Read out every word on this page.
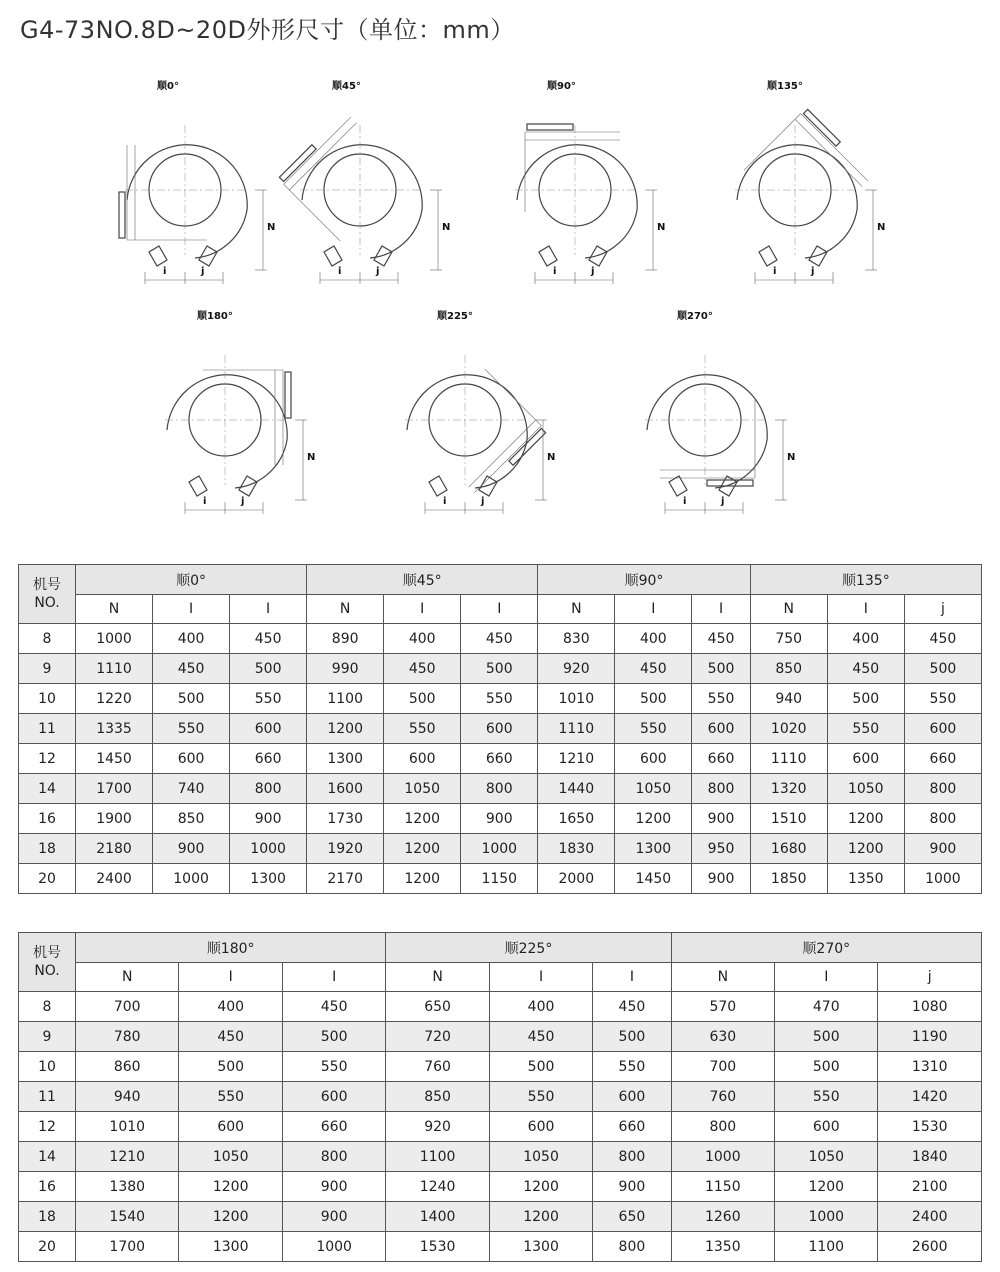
G4-73NO.8D~20D外形尺寸（单位：mm）
顺0°
N
i	j
顺45°
N
i	j
顺90°
N
i	j
顺135°
N
i	j
顺180°
N
i	j
顺225°
N
i	j
顺270°
N
i	j
机号
NO.	顺0°			顺45°			顺90°			顺135°		
	N	I	I	N	I	I	N	I	I	N	I	j
8	1000	400	450	890	400	450	830	400	450	750	400	450
9	1110	450	500	990	450	500	920	450	500	850	450	500
10	1220	500	550	1100	500	550	1010	500	550	940	500	550
11	1335	550	600	1200	550	600	1110	550	600	1020	550	600
12	1450	600	660	1300	600	660	1210	600	660	1110	600	660
14	1700	740	800	1600	1050	800	1440	1050	800	1320	1050	800
16	1900	850	900	1730	1200	900	1650	1200	900	1510	1200	800
18	2180	900	1000	1920	1200	1000	1830	1300	950	1680	1200	900
20	2400	1000	1300	2170	1200	1150	2000	1450	900	1850	1350	1000
机号
NO.	顺180°			顺225°			顺270°		
	N	I	I	N	I	I	N	I	j
8	700	400	450	650	400	450	570	470	1080
9	780	450	500	720	450	500	630	500	1190
10	860	500	550	760	500	550	700	500	1310
11	940	550	600	850	550	600	760	550	1420
12	1010	600	660	920	600	660	800	600	1530
14	1210	1050	800	1100	1050	800	1000	1050	1840
16	1380	1200	900	1240	1200	900	1150	1200	2100
18	1540	1200	900	1400	1200	650	1260	1000	2400
20	1700	1300	1000	1530	1300	800	1350	1100	2600
